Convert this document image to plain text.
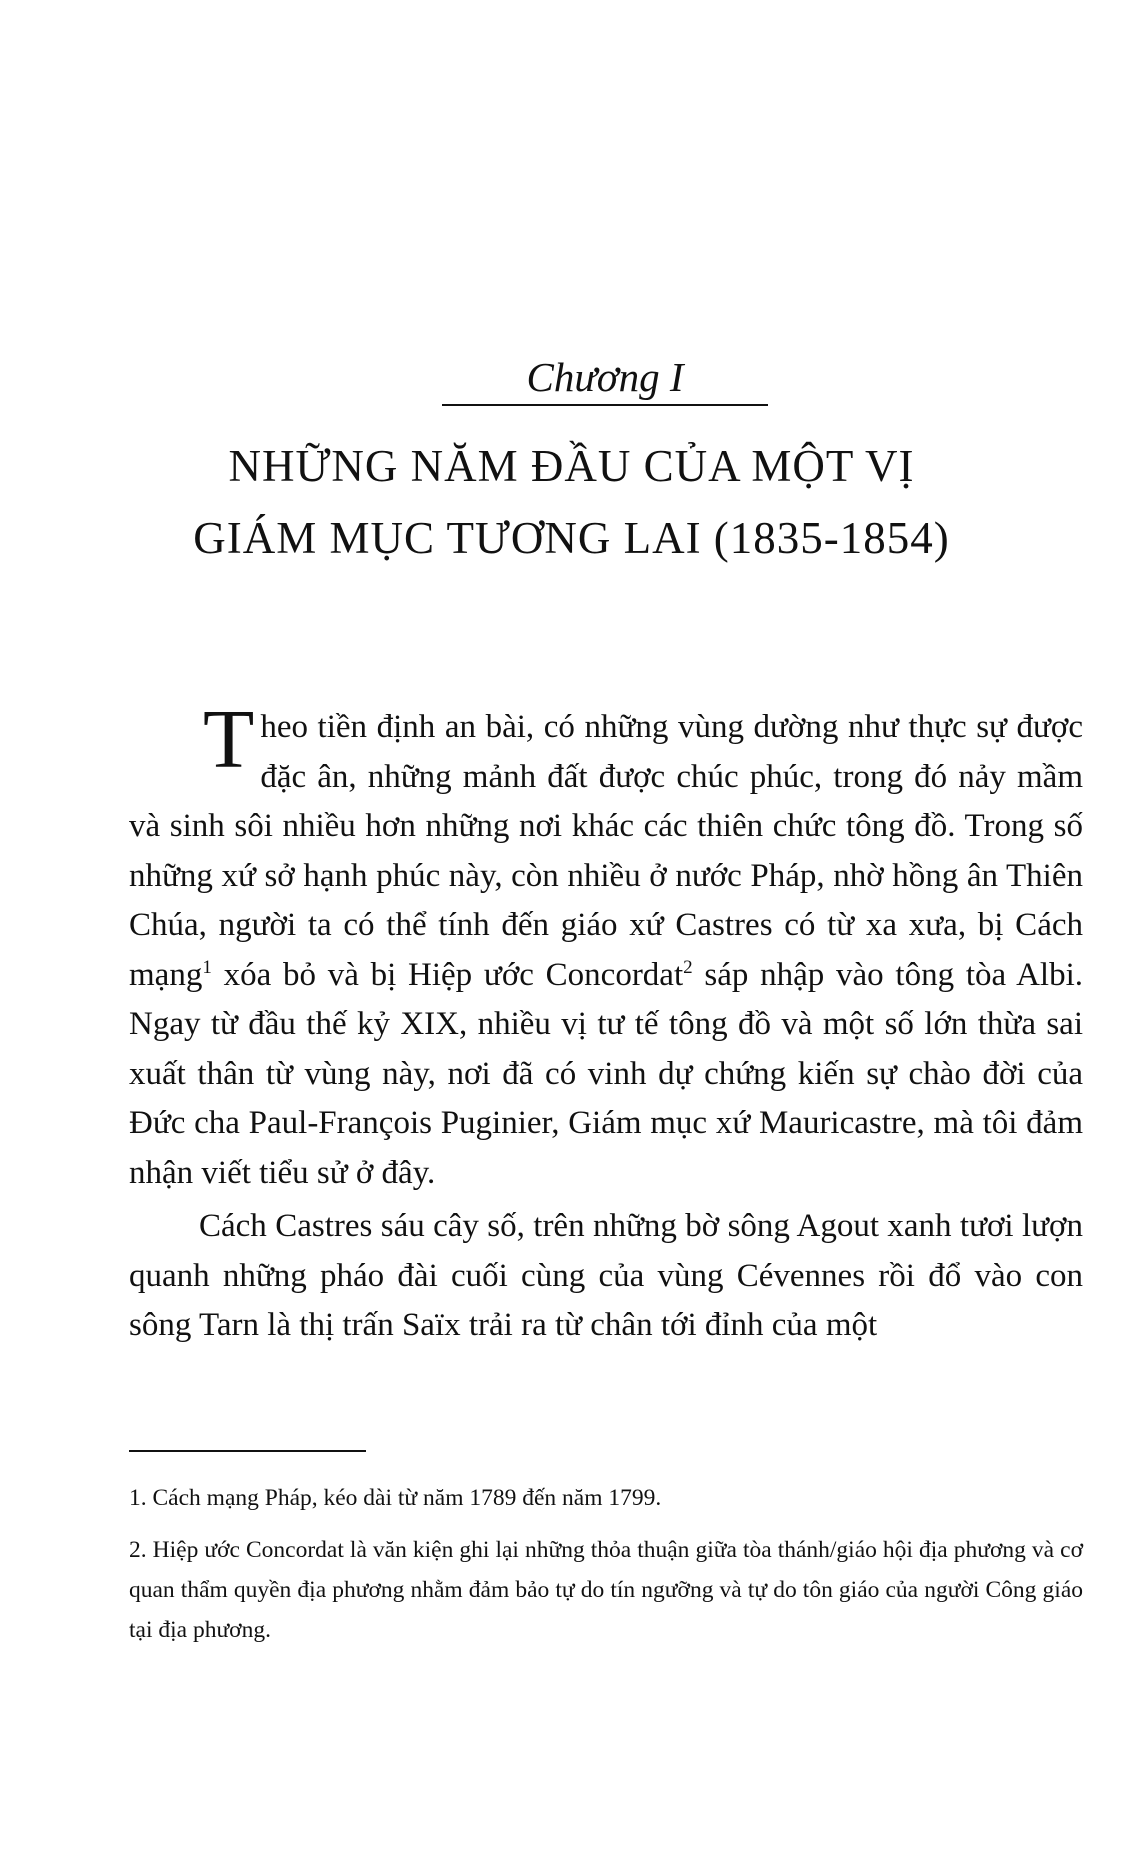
Chương I
NHỮNG NĂM ĐẦU CỦA MỘT VỊ
GIÁM MỤC TƯƠNG LAI (1835-1854)

Theo tiền định an bài, có những vùng dường như thực sự được đặc ân, những mảnh đất được chúc phúc, trong đó nảy mầm và sinh sôi nhiều hơn những nơi khác các thiên chức tông đồ. Trong số những xứ sở hạnh phúc này, còn nhiều ở nước Pháp, nhờ hồng ân Thiên Chúa, người ta có thể tính đến giáo xứ Castres có từ xa xưa, bị Cách mạng$^1$ xóa bỏ và bị Hiệp ước Concordat$^2$ sáp nhập vào tông tòa Albi. Ngay từ đầu thế kỷ XIX, nhiều vị tư tế tông đồ và một số lớn thừa sai xuất thân từ vùng này, nơi đã có vinh dự chứng kiến sự chào đời của Đức cha Paul-François Puginier, Giám mục xứ Mauricastre, mà tôi đảm nhận viết tiểu sử ở đây.

Cách Castres sáu cây số, trên những bờ sông Agout xanh tươi lượn quanh những pháo đài cuối cùng của vùng Cévennes rồi đổ vào con sông Tarn là thị trấn Saïx trải ra từ chân tới đỉnh của một

1. Cách mạng Pháp, kéo dài từ năm 1789 đến năm 1799.

2. Hiệp ước Concordat là văn kiện ghi lại những thỏa thuận giữa tòa thánh/giáo hội địa phương và cơ quan thẩm quyền địa phương nhằm đảm bảo tự do tín ngưỡng và tự do tôn giáo của người Công giáo tại địa phương.
